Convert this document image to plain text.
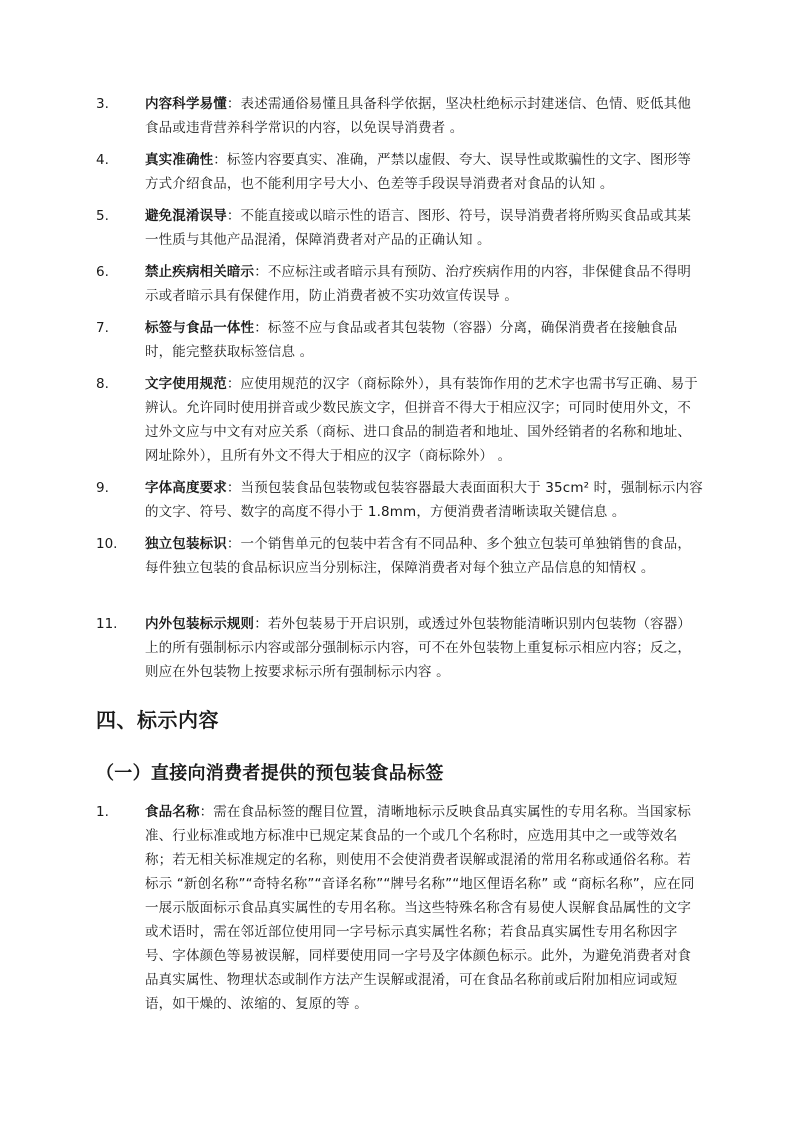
3.	内容科学易懂：表述需通俗易懂且具备科学依据，坚决杜绝标示封建迷信、色情、贬低其他食品或违背营养科学常识的内容，以免误导消费者 。
4.	真实准确性：标签内容要真实、准确，严禁以虚假、夸大、误导性或欺骗性的文字、图形等方式介绍食品，也不能利用字号大小、色差等手段误导消费者对食品的认知 。
5.	避免混淆误导：不能直接或以暗示性的语言、图形、符号，误导消费者将所购买食品或其某一性质与其他产品混淆，保障消费者对产品的正确认知 。
6.	禁止疾病相关暗示：不应标注或者暗示具有预防、治疗疾病作用的内容，非保健食品不得明示或者暗示具有保健作用，防止消费者被不实功效宣传误导 。
7.	标签与食品一体性：标签不应与食品或者其包装物（容器）分离，确保消费者在接触食品时，能完整获取标签信息 。
8.	文字使用规范：应使用规范的汉字（商标除外），具有装饰作用的艺术字也需书写正确、易于辨认。允许同时使用拼音或少数民族文字，但拼音不得大于相应汉字；可同时使用外文，不过外文应与中文有对应关系（商标、进口食品的制造者和地址、国外经销者的名称和地址、网址除外），且所有外文不得大于相应的汉字（商标除外） 。
9.	字体高度要求：当预包装食品包装物或包装容器最大表面面积大于 35cm² 时，强制标示内容的文字、符号、数字的高度不得小于 1.8mm，方便消费者清晰读取关键信息 。
10. 独立包装标识：一个销售单元的包装中若含有不同品种、多个独立包装可单独销售的食品，每件独立包装的食品标识应当分别标注，保障消费者对每个独立产品信息的知情权 。
11. 内外包装标示规则：若外包装易于开启识别，或透过外包装物能清晰识别内包装物（容器）上的所有强制标示内容或部分强制标示内容，可不在外包装物上重复标示相应内容；反之，则应在外包装物上按要求标示所有强制标示内容 。
四、标示内容
（一）直接向消费者提供的预包装食品标签
1.	食品名称：需在食品标签的醒目位置，清晰地标示反映食品真实属性的专用名称。当国家标准、行业标准或地方标准中已规定某食品的一个或几个名称时，应选用其中之一或等效名称；若无相关标准规定的名称，则使用不会使消费者误解或混淆的常用名称或通俗名称。若标示 “新创名称”“奇特名称”“音译名称”“牌号名称”“地区俚语名称” 或 “商标名称”，应在同一展示版面标示食品真实属性的专用名称。当这些特殊名称含有易使人误解食品属性的文字或术语时，需在邻近部位使用同一字号标示真实属性名称；若食品真实属性专用名称因字号、字体颜色等易被误解，同样要使用同一字号及字体颜色标示。此外，为避免消费者对食品真实属性、物理状态或制作方法产生误解或混淆，可在食品名称前或后附加相应词或短语，如干燥的、浓缩的、复原的等 。
